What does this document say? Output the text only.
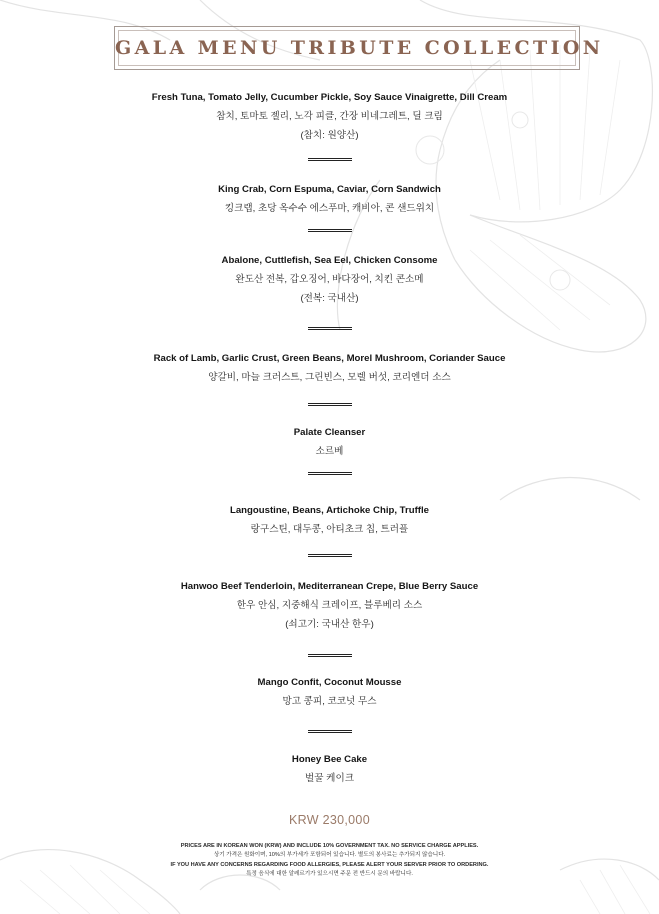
GALA MENU TRIBUTE COLLECTION
Fresh Tuna, Tomato Jelly, Cucumber Pickle, Soy Sauce Vinaigrette, Dill Cream
참치, 토마토 젤리, 노각 피클, 간장 비네그레트, 딜 크림
(참치: 원양산)
King Crab, Corn Espuma, Caviar, Corn Sandwich
킹크랩, 초당 옥수수 에스푸마, 캐비아, 콘 샌드위치
Abalone, Cuttlefish, Sea Eel, Chicken Consome
완도산 전복, 갑오징어, 바다장어, 치킨 콘소메
(전복: 국내산)
Rack of Lamb, Garlic Crust, Green Beans, Morel Mushroom, Coriander Sauce
양갈비, 마늘 크러스트, 그린빈스, 모렐 버섯, 코리엔더 소스
Palate Cleanser
소르베
Langoustine, Beans, Artichoke Chip, Truffle
랑구스틴, 대두콩, 아티초크 칩, 트러플
Hanwoo Beef Tenderloin, Mediterranean Crepe, Blue Berry Sauce
한우 안심, 지중해식 크레이프, 블루베리 소스
(쇠고기: 국내산 한우)
Mango Confit, Coconut Mousse
망고 콩피, 코코넛 무스
Honey Bee Cake
벌꿀 케이크
KRW 230,000
PRICES ARE IN KOREAN WON (KRW) AND INCLUDE 10% GOVERNMENT TAX. NO SERVICE CHARGE APPLIES.
상기 가격은 원화이며, 10%의 부가세가 포함되어 있습니다. 별도의 봉사료는 추가되지 않습니다.
IF YOU HAVE ANY CONCERNS REGARDING FOOD ALLERGIES, PLEASE ALERT YOUR SERVER PRIOR TO ORDERING.
특정 음식에 대한 알레르기가 있으시면 주문 전 반드시 문의 바랍니다.
